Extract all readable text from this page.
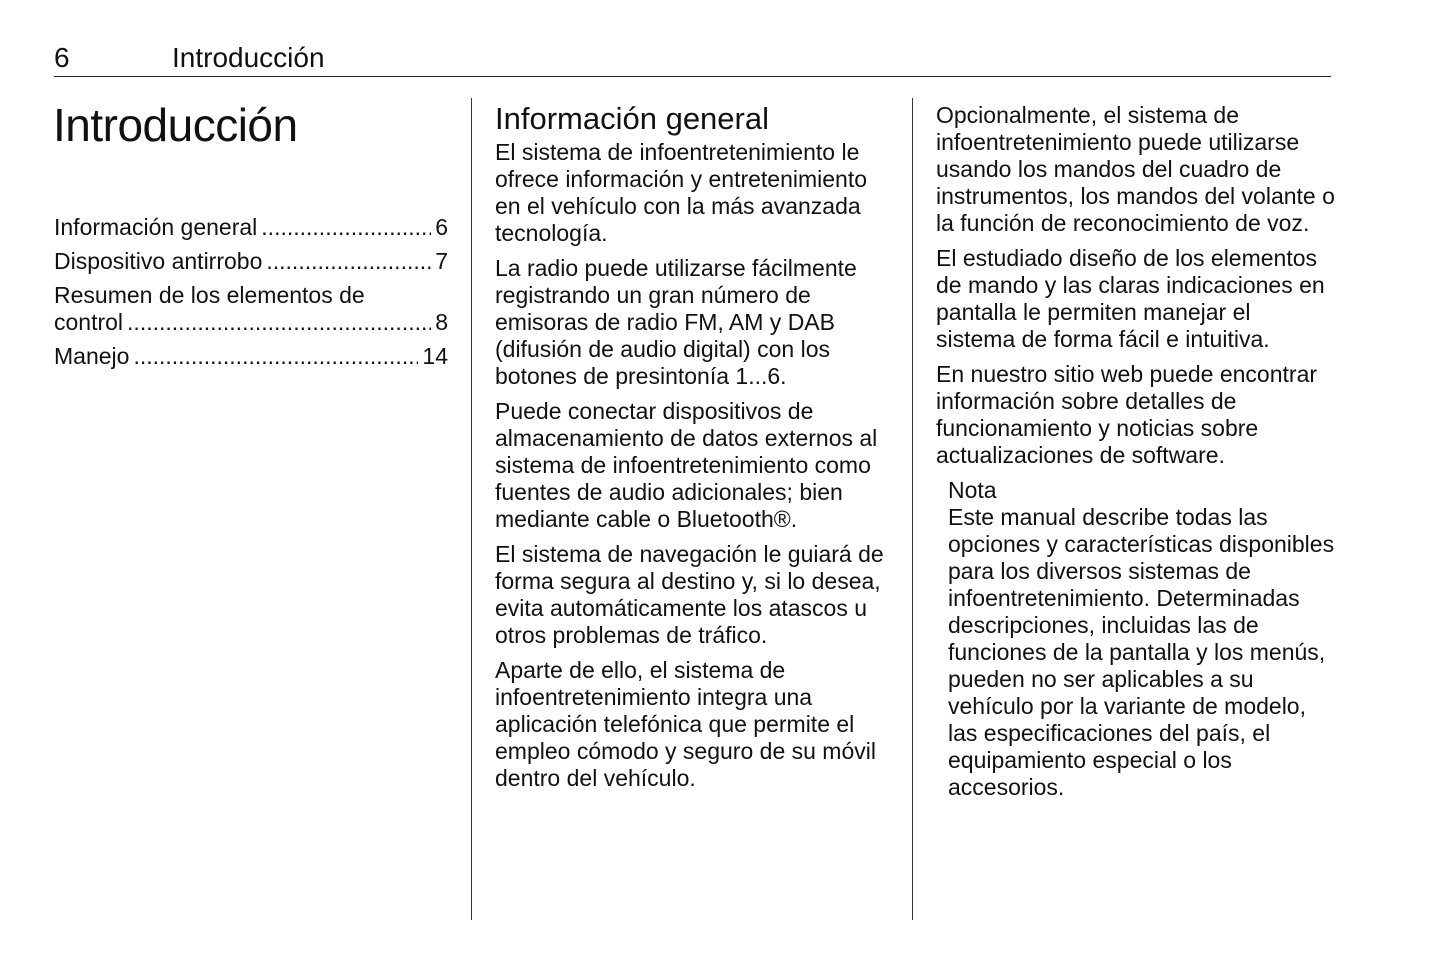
6	Introducción
Introducción
Información general .....	6
Dispositivo antirrobo .....	7
Resumen de los elementos de
control .....	8
Manejo .....	14
Información general

El sistema de infoentretenimiento le ofrece información y entretenimiento en el vehículo con la más avanzada tecnología.

La radio puede utilizarse fácilmente registrando un gran número de emisoras de radio FM, AM y DAB (difusión de audio digital) con los botones de presintonía 1...6.

Puede conectar dispositivos de almacenamiento de datos externos al sistema de infoentretenimiento como fuentes de audio adicionales; bien mediante cable o Bluetooth®.

El sistema de navegación le guiará de forma segura al destino y, si lo desea, evita automáticamente los atascos u otros problemas de tráfico.

Aparte de ello, el sistema de infoentretenimiento integra una aplicación telefónica que permite el empleo cómodo y seguro de su móvil dentro del vehículo.

Opcionalmente, el sistema de infoentretenimiento puede utilizarse usando los mandos del cuadro de instrumentos, los mandos del volante o la función de reconocimiento de voz.

El estudiado diseño de los elementos de mando y las claras indicaciones en pantalla le permiten manejar el sistema de forma fácil e intuitiva.

En nuestro sitio web puede encontrar información sobre detalles de funcionamiento y noticias sobre actualizaciones de software.

Nota
Este manual describe todas las opciones y características disponibles para los diversos sistemas de infoentretenimiento. Determinadas descripciones, incluidas las de funciones de la pantalla y los menús, pueden no ser aplicables a su vehículo por la variante de modelo, las especificaciones del país, el equipamiento especial o los accesorios.
